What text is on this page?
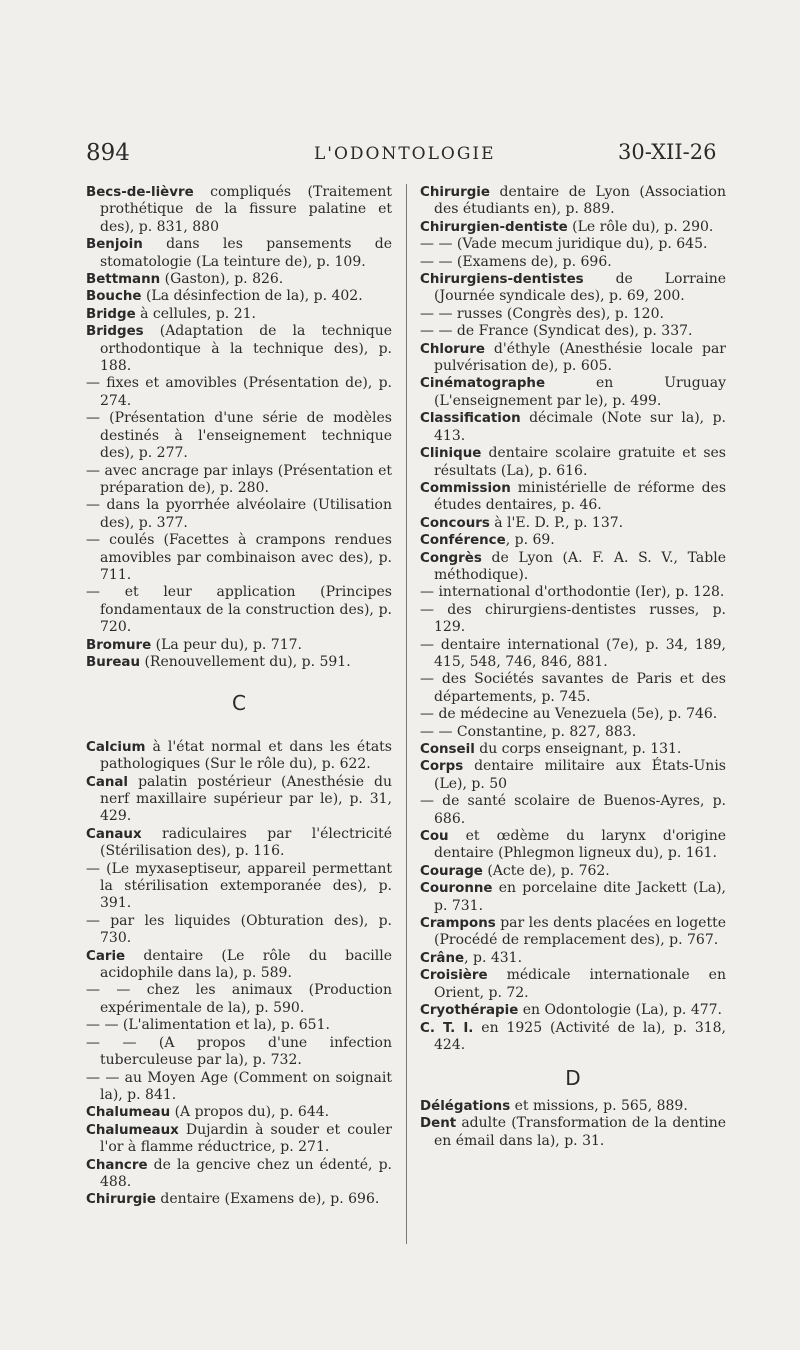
894	L'ODONTOLOGIE	30-XII-26

Becs-de-lièvre compliqués (Traitement prothétique de la fissure palatine et des), p. 831, 880

Benjoin dans les pansements de stomatologie (La teinture de), p. 109.

Bettmann (Gaston), p. 826.

Bouche (La désinfection de la), p. 402.

Bridge à cellules, p. 21.

Bridges (Adaptation de la technique orthodontique à la technique des), p. 188.

— fixes et amovibles (Présentation de), p. 274.

— (Présentation d'une série de modèles destinés à l'enseignement technique des), p. 277.

— avec ancrage par inlays (Présentation et préparation de), p. 280.

— dans la pyorrhée alvéolaire (Utilisation des), p. 377.

— coulés (Facettes à crampons rendues amovibles par combinaison avec des), p. 711.

— et leur application (Principes fondamentaux de la construction des), p. 720.

Bromure (La peur du), p. 717.

Bureau (Renouvellement du), p. 591.

C

Calcium à l'état normal et dans les états pathologiques (Sur le rôle du), p. 622.

Canal palatin postérieur (Anesthésie du nerf maxillaire supérieur par le), p. 31, 429.

Canaux radiculaires par l'électricité (Stérilisation des), p. 116.

— (Le myxaseptiseur, appareil permettant la stérilisation extemporanée des), p. 391.

— par les liquides (Obturation des), p. 730.

Carie dentaire (Le rôle du bacille acidophile dans la), p. 589.

— — chez les animaux (Production expérimentale de la), p. 590.

— — (L'alimentation et la), p. 651.

— — (A propos d'une infection tuberculeuse par la), p. 732.

— — au Moyen Age (Comment on soignait la), p. 841.

Chalumeau (A propos du), p. 644.

Chalumeaux Dujardin à souder et couler l'or à flamme réductrice, p. 271.

Chancre de la gencive chez un édenté, p. 488.

Chirurgie dentaire (Examens de), p. 696.

Chirurgie dentaire de Lyon (Association des étudiants en), p. 889.

Chirurgien-dentiste (Le rôle du), p. 290.

— — (Vade mecum juridique du), p. 645.

— — (Examens de), p. 696.

Chirurgiens-dentistes de Lorraine (Journée syndicale des), p. 69, 200.

— — russes (Congrès des), p. 120.

— — de France (Syndicat des), p. 337.

Chlorure d'éthyle (Anesthésie locale par pulvérisation de), p. 605.

Cinématographe en Uruguay (L'enseignement par le), p. 499.

Classification décimale (Note sur la), p. 413.

Clinique dentaire scolaire gratuite et ses résultats (La), p. 616.

Commission ministérielle de réforme des études dentaires, p. 46.

Concours à l'E. D. P., p. 137.

Conférence, p. 69.

Congrès de Lyon (A. F. A. S. V., Table méthodique).

— international d'orthodontie (Ier), p. 128.

— des chirurgiens-dentistes russes, p. 129.

— dentaire international (7e), p. 34, 189, 415, 548, 746, 846, 881.

— des Sociétés savantes de Paris et des départements, p. 745.

— de médecine au Venezuela (5e), p. 746.

— — Constantine, p. 827, 883.

Conseil du corps enseignant, p. 131.

Corps dentaire militaire aux États-Unis (Le), p. 50

— de santé scolaire de Buenos-Ayres, p. 686.

Cou et œdème du larynx d'origine dentaire (Phlegmon ligneux du), p. 161.

Courage (Acte de), p. 762.

Couronne en porcelaine dite Jackett (La), p. 731.

Crampons par les dents placées en logette (Procédé de remplacement des), p. 767.

Crâne, p. 431.

Croisière médicale internationale en Orient, p. 72.

Cryothérapie en Odontologie (La), p. 477.

C. T. I. en 1925 (Activité de la), p. 318, 424.

D

Délégations et missions, p. 565, 889.

Dent adulte (Transformation de la dentine en émail dans la), p. 31.
